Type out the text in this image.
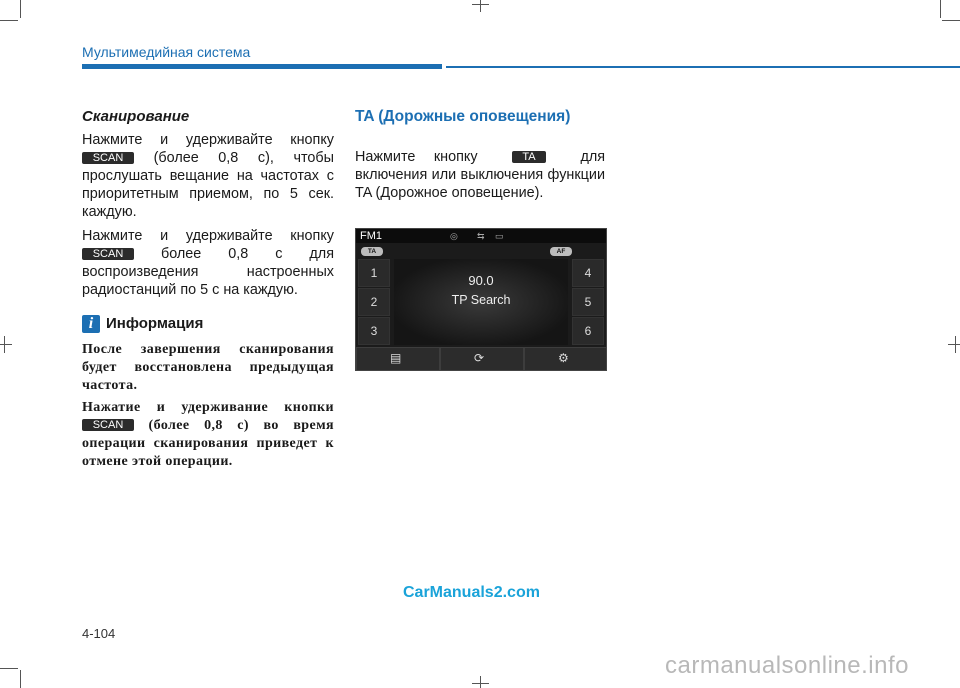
Мультимедийная система
Сканирование

Нажмите и удерживайте кнопку SCAN (более 0,8 с), чтобы прослушать вещание на частотах с приоритетным приемом, по 5 сек. каждую.

Нажмите и удерживайте кнопку SCAN	более 0,8 с для воспроизведения настроенных радиостанций по 5 с на каждую.

i Информация

После завершения сканирования будет восстановлена предыдущая частота.

Нажатие и удерживание кнопки SCAN (более 0,8 с) во время операции сканирования приведет к отмене этой операции.

TA (Дорожные оповещения)

Нажмите кнопку	TA	для включения или выключения функции TA (Дорожное оповещение).

FM1	◎ ⇆ ▭
TA	AF
1
2
3
4
5
6
90.0
TP Search
▤	⟳	⚙
CarManuals2.com
4-104
carmanualsonline.info
